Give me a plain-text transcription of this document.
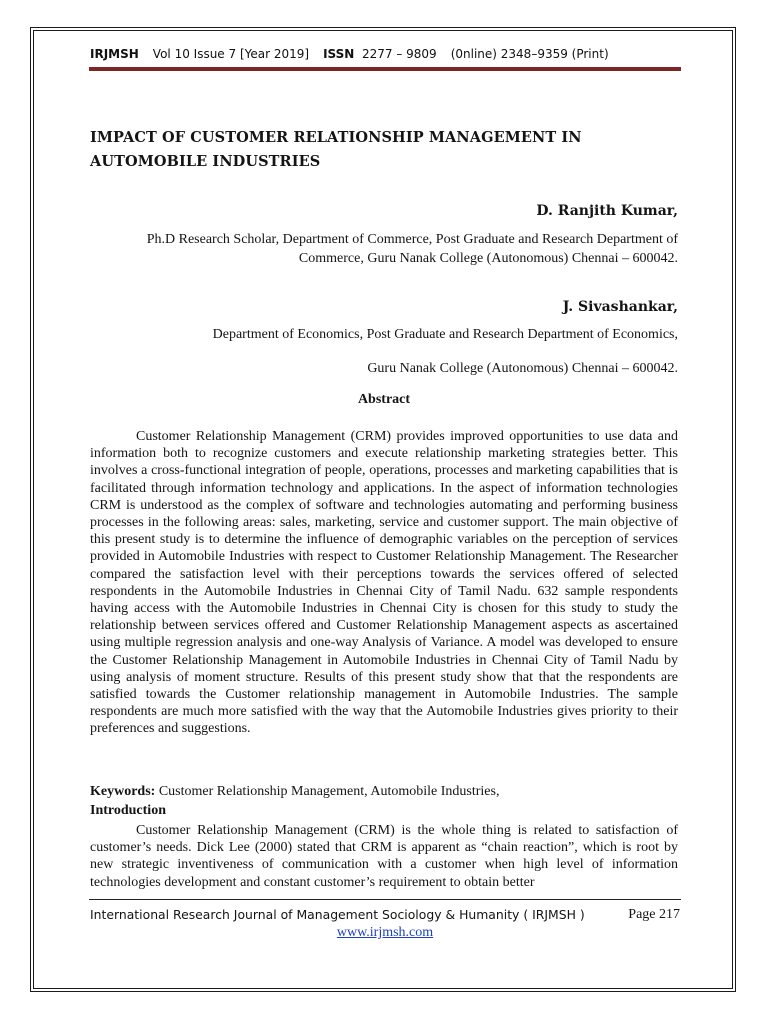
IRJMSH Vol 10 Issue 7 [Year 2019] ISSN 2277 – 9809 (0nline) 2348–9359 (Print)
IMPACT OF CUSTOMER RELATIONSHIP MANAGEMENT IN AUTOMOBILE INDUSTRIES

D. Ranjith Kumar,

Ph.D Research Scholar, Department of Commerce, Post Graduate and Research Department of

Commerce, Guru Nanak College (Autonomous) Chennai – 600042.

J. Sivashankar,

Department of Economics, Post Graduate and Research Department of Economics,

Guru Nanak College (Autonomous) Chennai – 600042.

Abstract

Customer Relationship Management (CRM) provides improved opportunities to use data and information both to recognize customers and execute relationship marketing strategies better. This involves a cross-functional integration of people, operations, processes and marketing capabilities that is facilitated through information technology and applications. In the aspect of information technologies CRM is understood as the complex of software and technologies automating and performing business processes in the following areas: sales, marketing, service and customer support. The main objective of this present study is to determine the influence of demographic variables on the perception of services provided in Automobile Industries with respect to Customer Relationship Management. The Researcher compared the satisfaction level with their perceptions towards the services offered of selected respondents in the Automobile Industries in Chennai City of Tamil Nadu. 632 sample respondents having access with the Automobile Industries in Chennai City is chosen for this study to study the relationship between services offered and Customer Relationship Management aspects as ascertained using multiple regression analysis and one-way Analysis of Variance. A model was developed to ensure the Customer Relationship Management in Automobile Industries in Chennai City of Tamil Nadu by using analysis of moment structure. Results of this present study show that that the respondents are satisfied towards the Customer relationship management in Automobile Industries. The sample respondents are much more satisfied with the way that the Automobile Industries gives priority to their preferences and suggestions.

Keywords: Customer Relationship Management, Automobile Industries,

Introduction

Customer Relationship Management (CRM) is the whole thing is related to satisfaction of customer’s needs. Dick Lee (2000) stated that CRM is apparent as “chain reaction”, which is root by new strategic inventiveness of communication with a customer when high level of information technologies development and constant customer’s requirement to obtain better

International Research Journal of Management Sociology & Humanity ( IRJMSH )	Page 217
www.irjmsh.com
